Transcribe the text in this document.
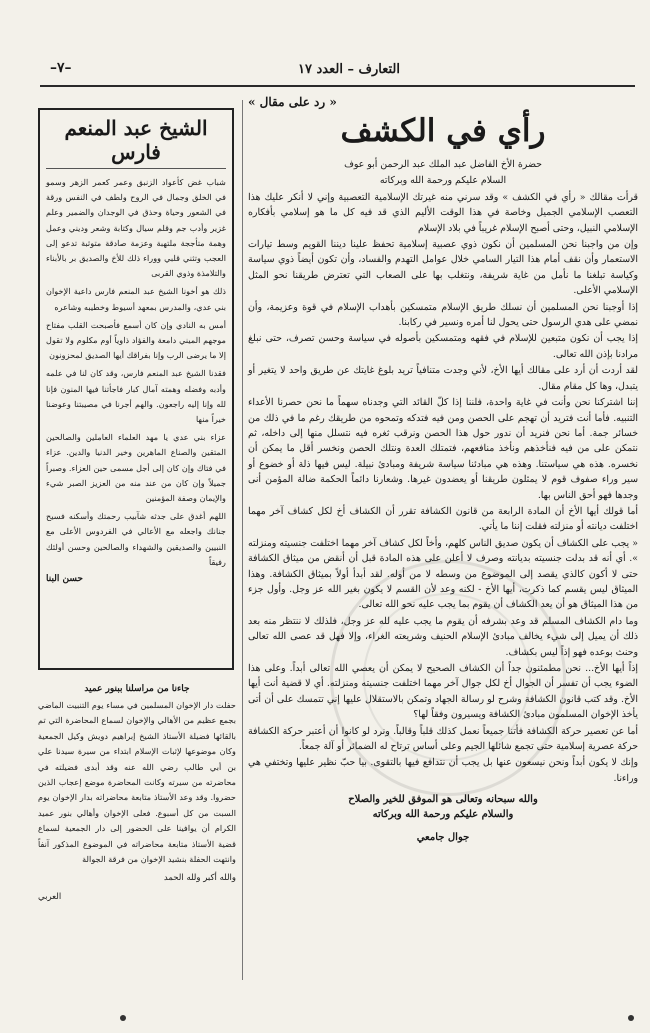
التعارف – العدد ١٧
–٧–
« رد على مقال »
رأي في الكشف

حضرة الأخ الفاضل عبد الملك عبد الرحمن أبو عوف

السلام عليكم ورحمة الله وبركاته

قرأت مقالك « رأي في الكشف » وقد سرني منه غيرتك الإسلامية التعصبية وإني لا أنكر عليك هذا التعصب الإسلامي الجميل وخاصة في هذا الوقت الأليم الذي قد فيه كل ما هو إسلامي بأفكاره الإسلامي النبيل، وحتى أصبح الإسلام غريباً في بلاد الإسلام

وإن من واجبنا نحن المسلمين أن نكون ذوي عصبية إسلامية تحفظ علينا ديننا القويم وسط تيارات الاستعمار وأن نقف أمام هذا التيار السامي خلال عوامل التهدم والفساد، وأن تكون أيضاً ذوي سياسة وكياسة تبلغنا ما نأمل من غاية شريفة، ونتغلب بها على الصعاب التي تعترض طريقنا نحو المثل الإسلامي الأعلى.

إذا أوجبنا نحن المسلمين أن نسلك طريق الإسلام متمسكين بأهداب الإسلام في قوة وعزيمة، وأن نمضي على هدي الرسول حتى يحول لنا أمره ونسير في ركابنا.

إذا يجب أن نكون متبعين للإسلام في فقهه ومتمسكين بأصوله في سياسة وحسن تصرف، حتى نبلغ مرادنا بإذن الله تعالى.

لقد أردت أن أرد على مقالك أيها الأخ، لأني وجدت متنافياً تريد بلوغ غايتك عن طريق واحد لا يتغير أو يتبدل، وها كل مقام مقال.

إننا اشتركنا نحن وأنت في غاية واحدة، فلننا إذا كلّ القائد التي وجدناه سهماً ما نحن حصرنا الأعداء التنبيه. فأما أنت فتريد أن تهجم على الحصن ومن فيه فتدكه وتمحوه من طريقك رغم ما في ذلك من خسائر جمة. أما نحن فنريد أن ندور حول هذا الحصن ونرقب ثغره فيه نتسلل منها إلى داخله، ثم نتمكن على من فيه فنأخذهم ونأخذ منافعهم، فتمتلك العدة ونتلك الحصن ونخسر أقل ما يمكن أن نخسره. هذه هي سياستنا. وهذه هي مبادئنا سياسة شريفة ومبادئ نبيلة. ليس فيها ذلة أو خضوع أو سير وراء صفوف قوم لا يمثلون طريقنا أو يعضدون غيرها. وشعارنا دائماً الحكمة ضالة المؤمن أنى وجدها فهو أحق الناس بها.

أما قولك أيها الأخ أن المادة الرابعة من قانون الكشافة تقرر أن الكشاف أخ لكل كشاف آخر مهما اختلفت ديانته أو منزلته فقلت إننا ما يأتي.

« يجب على الكشاف أن يكون صديق الناس كلهم، وأخاً لكل كشاف آخر مهما اختلفت جنسيته ومنزلته ». أي أنه قد بدلت جنسيته بديانته وصرف لا أعلن على هذه المادة قبل أن أنقض من ميثاق الكشافة حتى لا أكون كالذي يقصد إلى الموضوع من وسطه لا من أوله. لقد أبدأ أولاً بميثاق الكشافة. وهذا الميثاق ليس يقسم كما ذكرت، أيها الأخ - لكنه وعد لأن القسم لا يكون بغير الله عز وجل. وأول جزء من هذا الميثاق هو أن يعد الكشاف أن يقوم بما يجب عليه نحو الله تعالى.

وما دام الكشاف المسلم قد وعد بشرفه أن يقوم ما يجب عليه لله عز وجل، فلذلك لا ننتظر منه بعد ذلك أن يميل إلى شيء يخالف مبادئ الإسلام الحنيف وشريعته الغراء، وإلا فهل قد عصى الله تعالى وحنث بوعده فهو إذاً ليس بكشاف.

إذاً أيها الأخ... نحن مطمئنون جداً أن الكشاف الصحيح لا يمكن أن يعصي الله تعالى أبداً. وعلى هذا الضوء يجب أن تفسر أن الجوال أخ لكل جوال آخر مهما اختلفت جنسيته ومنزلته. أي لا قضية أنت أيها الأخ. وقد كتب قانون الكشافة وشرح لو رسالة الجهاد وتمكن بالاستقلال عليها إني تتمسك على أن أتى يأخذ الإخوان المسلمون مبادئ الكشافة ويسيرون وفقاً لها؟

أما عن تعصير حركة الكشافة فأتنا جميعاً نعمل كذلك قلباً وقالباً. ونرد لو كانوا أن أعتبر حركة الكشافة حركة عصرية إسلامية حتى تجمع شائلها الجيم وعلى أساس ترتاح له الضمائر أو آلة جمعاً.

وإنك لا يكون أبداً ونحن نيسعون عنها بل يجب أن نتدافع فيها بالتقوى. بيا حبّ نظير عليها وتختفي هي وراءنا.

والله سبحانه وتعالى هو الموفق للخير والصلاح
والسلام عليكم ورحمة الله وبركاته
جوال جامعي
الشيخ عبد المنعم فارس

شباب غض كأعواد الزنبق وعمر كعمر الزهر وسمو في الخلق وجمال في الروح ولطف في النفس ورقة في الشعور وحياة وحذق في الوجدان والضمير وعلم غزير وأدب جم وقلم سيال وكتابة وشعر وديني وعمل وهمة متأججة ملتهبة وعزمة صادقة متوثبة تدعو إلى العجب وتثني قلبي ووراء ذلك للأخ والصديق بر بالأبناء والتلامذة وذوي القربى

ذلك هو أخونا الشيخ عبد المنعم فارس داعية الإخوان بني عدي، والمدرس بمعهد أسيوط وخطيبه وشاعره

أمس به النادي وإن كان أسمع فأصبحت القلب مفتاح موجهم الميني دامعة والفؤاد ذاوياً أوم مكلوم ولا تقول إلا ما يرضى الرب وإنا بفراقك أيها الصديق لمحزونون

فقدنا الشيخ عبد المنعم فارس، وقد كان لنا في علمه وأدبه وفضله وهمته آمال كبار فاجأتنا فيها المنون فإنا لله وإنا إليه راجعون. والهم أجرنا في مصيبتنا وعوضنا خيراً منها

عزاء بني عدي يا مهد العلماء العاملين والصالحين المتقين والصناع الماهرين وخير الدنيا والدين. عزاء في فتاك وإن كان إلى أجل مسمى حين العزاء. وصبراً جميلاً وإن كان من عند منه من العزيز الصبر شيء والإيمان وصفة المؤمنين

اللهم أغدق على جدثه شآبيب رحمتك وأسكنه فسيح جنانك واجعله مع الأعالي في الفردوس الأعلى مع النبيين والصديقين والشهداء والصالحين وحسن أولئك رفيقاً

حسن البنا
جاءنا من مراسلنا ببنور عميد

حفلت دار الإخوان المسلمين في مساء يوم التنبيت الماضي بجمع عظيم من الأهالي والإخوان لسماع المحاضرة التي تم بالقائها فضيلة الأستاذ الشيخ إبراهيم دويش وكيل الجمعية وكان موضوعها لإثبات الإسلام ابتداء من سيرة سيدنا علي بن أبي طالب رضي الله عنه وقد أبدى فضيلته في محاضرته من سيرته وكانت المحاضرة موضع إعجاب الذين حضروا. وقد وعد الأستاذ متابعة محاضراته بدار الإخوان يوم السبت من كل أسبوع. فعلى الإخوان وأهالي بنور عميد الكرام أن يوافينا على الحضور إلى دار الجمعية لسماع قضية الأستاذ متابعة محاضراته في الموضوع المذكور آنفاً وانتهت الحفلة بنشيد الإخوان من فرقة الجوالة

والله أكبر ولله الحمد
العربي
